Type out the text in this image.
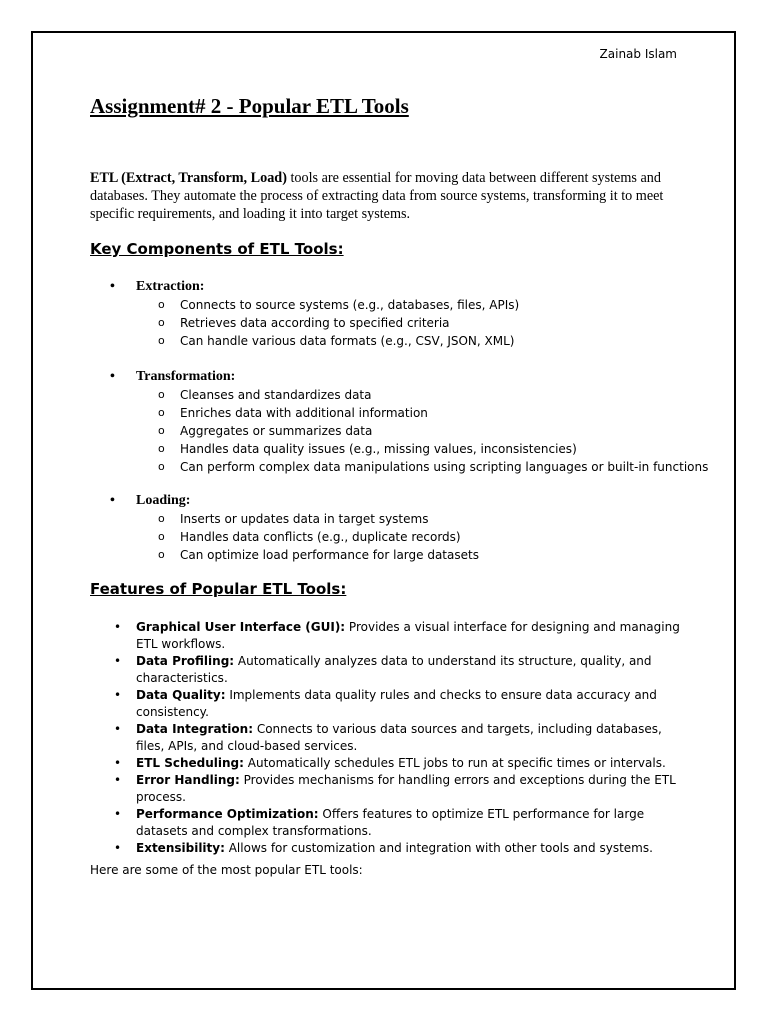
Zainab Islam
Assignment# 2 - Popular ETL Tools

ETL (Extract, Transform, Load) tools are essential for moving data between different systems and databases. They automate the process of extracting data from source systems, transforming it to meet specific requirements, and loading it into target systems.

Key Components of ETL Tools:
• Extraction:
o Connects to source systems (e.g., databases, files, APIs)
o Retrieves data according to specified criteria
o Can handle various data formats (e.g., CSV, JSON, XML)
• Transformation:
o Cleanses and standardizes data
o Enriches data with additional information
o Aggregates or summarizes data
o Handles data quality issues (e.g., missing values, inconsistencies)
o Can perform complex data manipulations using scripting languages or built-in functions
• Loading:
o Inserts or updates data in target systems
o Handles data conflicts (e.g., duplicate records)
o Can optimize load performance for large datasets
Features of Popular ETL Tools:
• Graphical User Interface (GUI): Provides a visual interface for designing and managing ETL workflows.
• Data Profiling: Automatically analyzes data to understand its structure, quality, and characteristics.
• Data Quality: Implements data quality rules and checks to ensure data accuracy and consistency.
• Data Integration: Connects to various data sources and targets, including databases, files, APIs, and cloud-based services.
• ETL Scheduling: Automatically schedules ETL jobs to run at specific times or intervals.
• Error Handling: Provides mechanisms for handling errors and exceptions during the ETL process.
• Performance Optimization: Offers features to optimize ETL performance for large datasets and complex transformations.
• Extensibility: Allows for customization and integration with other tools and systems.

Here are some of the most popular ETL tools:
